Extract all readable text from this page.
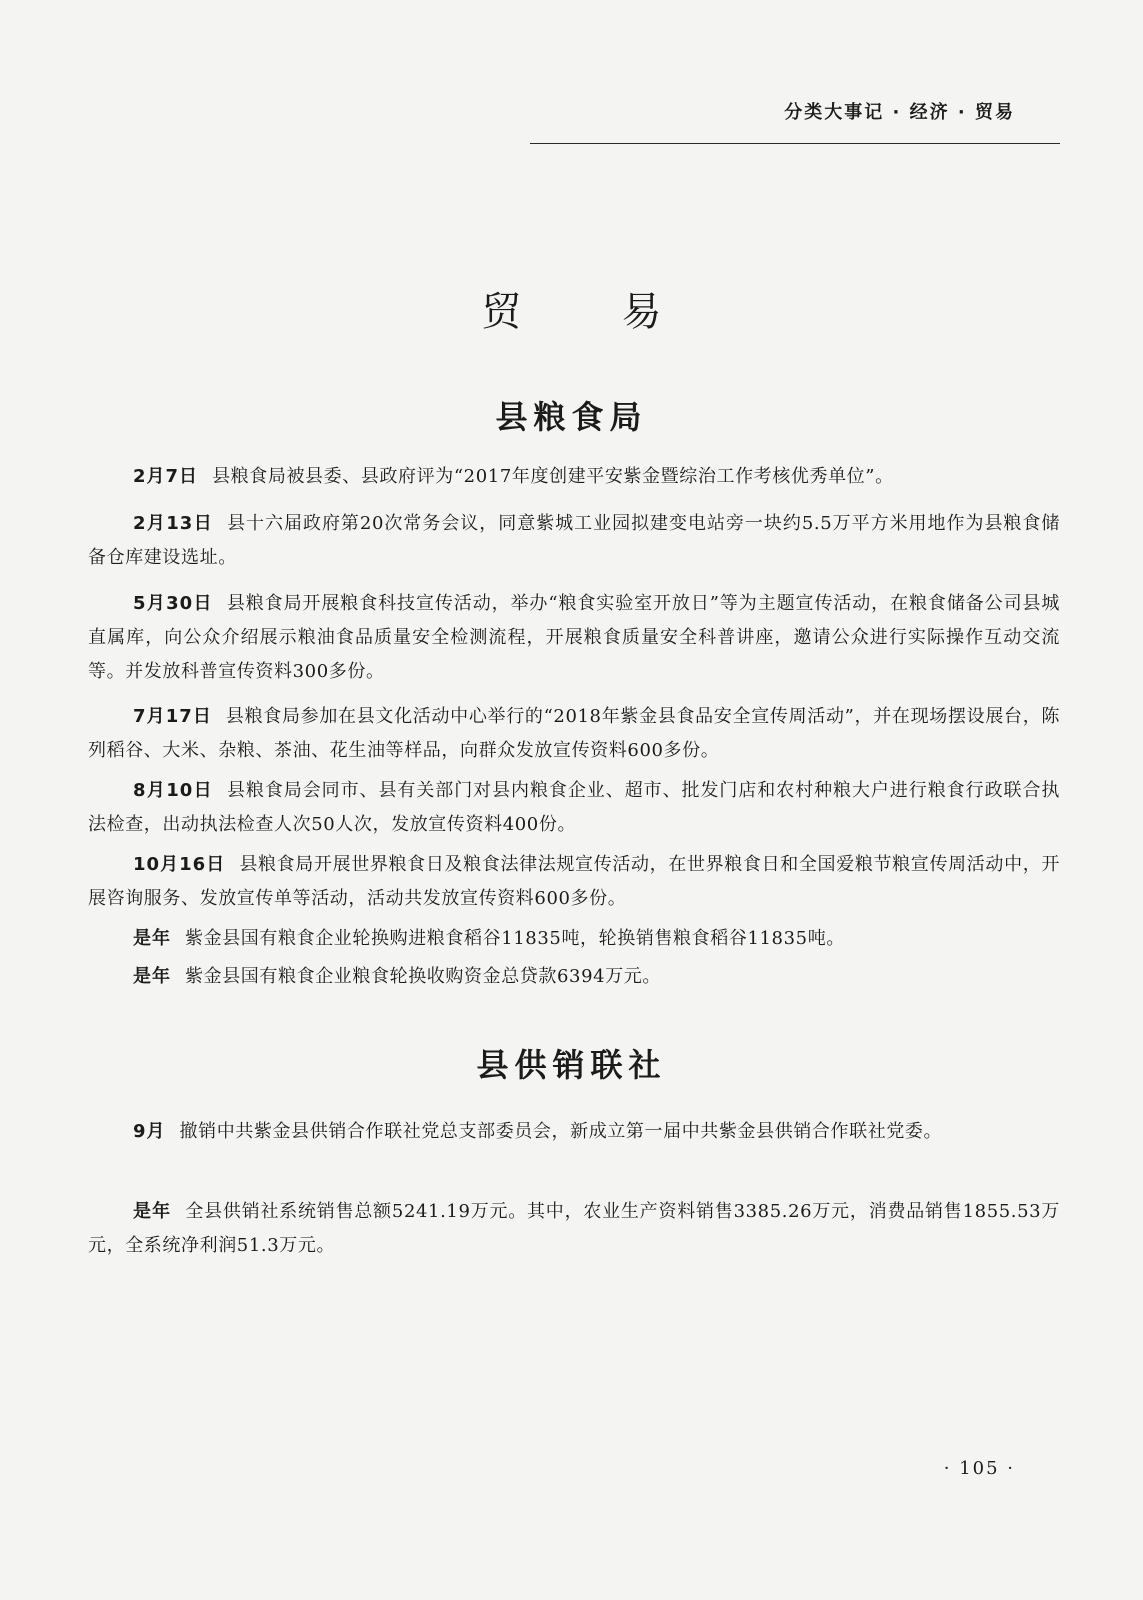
分类大事记 · 经济 · 贸易
贸易
县粮食局

2月7日 县粮食局被县委、县政府评为“2017年度创建平安紫金暨综治工作考核优秀单位”。

2月13日 县十六届政府第20次常务会议，同意紫城工业园拟建变电站旁一块约5.5万平方米用地作为县粮食储备仓库建设选址。

5月30日 县粮食局开展粮食科技宣传活动，举办“粮食实验室开放日”等为主题宣传活动，在粮食储备公司县城直属库，向公众介绍展示粮油食品质量安全检测流程，开展粮食质量安全科普讲座，邀请公众进行实际操作互动交流等。并发放科普宣传资料300多份。

7月17日 县粮食局参加在县文化活动中心举行的“2018年紫金县食品安全宣传周活动”，并在现场摆设展台，陈列稻谷、大米、杂粮、茶油、花生油等样品，向群众发放宣传资料600多份。

8月10日 县粮食局会同市、县有关部门对县内粮食企业、超市、批发门店和农村种粮大户进行粮食行政联合执法检查，出动执法检查人次50人次，发放宣传资料400份。

10月16日 县粮食局开展世界粮食日及粮食法律法规宣传活动，在世界粮食日和全国爱粮节粮宣传周活动中，开展咨询服务、发放宣传单等活动，活动共发放宣传资料600多份。

是年 紫金县国有粮食企业轮换购进粮食稻谷11835吨，轮换销售粮食稻谷11835吨。

是年 紫金县国有粮食企业粮食轮换收购资金总贷款6394万元。

县供销联社

9月 撤销中共紫金县供销合作联社党总支部委员会，新成立第一届中共紫金县供销合作联社党委。

是年 全县供销社系统销售总额5241.19万元。其中，农业生产资料销售3385.26万元，消费品销售1855.53万元，全系统净利润51.3万元。

· 105 ·
